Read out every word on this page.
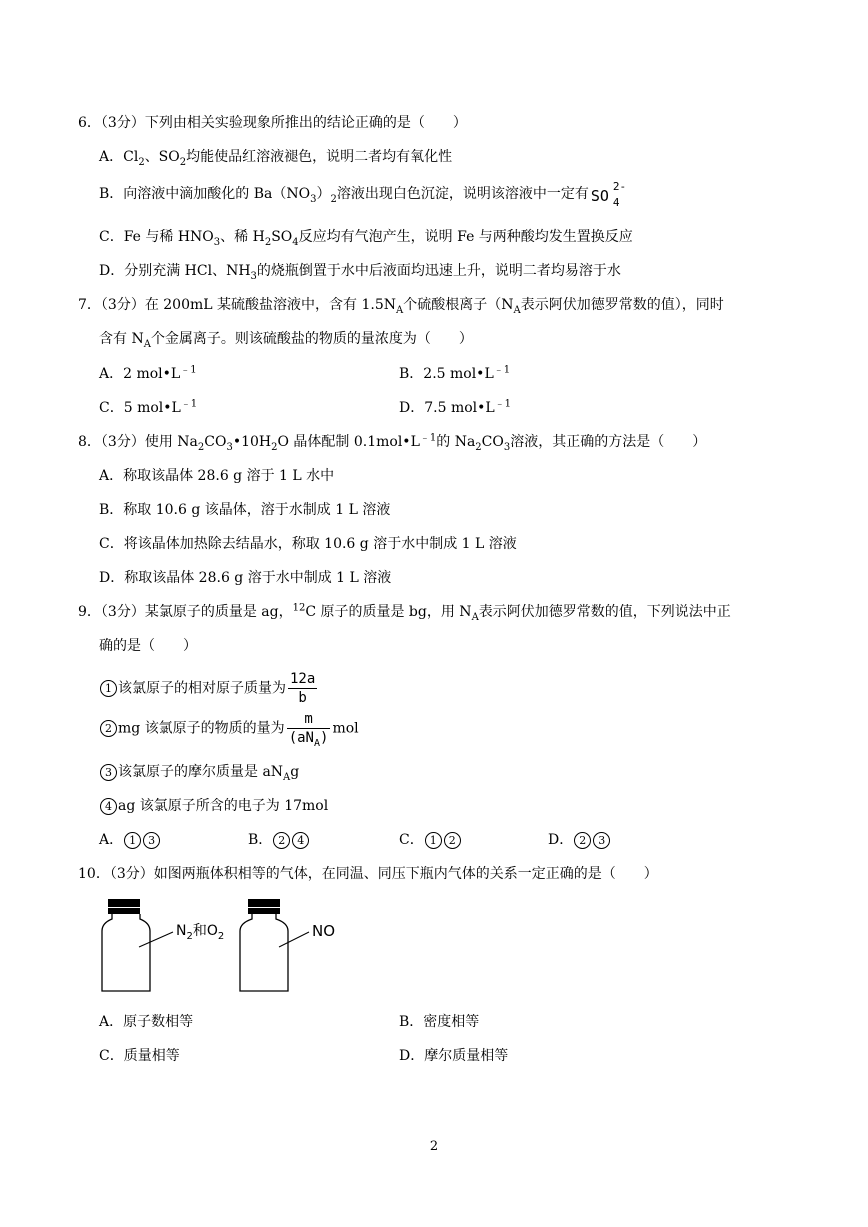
6．（3分）下列由相关实验现象所推出的结论正确的是（　　）
A．$Cl_2$、$SO_2$均能使品红溶液褪色，说明二者均有氧化性
B．向溶液中滴加酸化的 $Ba(NO_3)_2$溶液出现白色沉淀，说明该溶液中一定有 SO
2-
4
C．Fe 与稀 $HNO_3$、稀 $H_2SO_4$反应均有气泡产生，说明 Fe 与两种酸均发生置换反应
D．分别充满 HCl、$NH_3$的烧瓶倒置于水中后液面均迅速上升，说明二者均易溶于水
7．（3分）在 200mL 某硫酸盐溶液中，含有 $1.5N_A$个硫酸根离子（$N_A$表示阿伏加德罗常数的值），同时
含有 $N_A$个金属离子。则该硫酸盐的物质的量浓度为（　　）
A．2 $mol•L^{﹣1}$	B．2.5 $mol•L^{﹣1}$
C．5 $mol•L^{﹣1}$	D．7.5 $mol•L^{﹣1}$
8．（3分）使用 $Na_2CO_3•10H_2O$ 晶体配制 $0.1mol•L^{﹣1}$的 $Na_2CO_3$溶液，其正确的方法是（　　）
A．称取该晶体 28.6 g 溶于 1 L 水中
B．称取 10.6 g 该晶体，溶于水制成 1 L 溶液
C．将该晶体加热除去结晶水，称取 10.6 g 溶于水中制成 1 L 溶液
D．称取该晶体 28.6 g 溶于水中制成 1 L 溶液
9．（3分）某氯原子的质量是 ag，$^{12}$C 原子的质量是 bg，用 $N_A$表示阿伏加德罗常数的值，下列说法中正
确的是（　　）
1 该氯原子的相对原子质量为 $\frac{12a}{b}$
2 mg 该氯原子的物质的量为 $\frac{m}{(aN_A)}$ mol
3 该氯原子的摩尔质量是 $aN_Ag$
4 ag 该氯原子所含的电子为 17mol
A． 1 3	B． 2 4	C． 1 2	D． 2 3
10．（3分）如图两瓶体积相等的气体，在同温、同压下瓶内气体的关系一定正确的是（　　）
$N_2$和$O_2$	NO
A．原子数相等	B．密度相等
C．质量相等	D．摩尔质量相等
2
